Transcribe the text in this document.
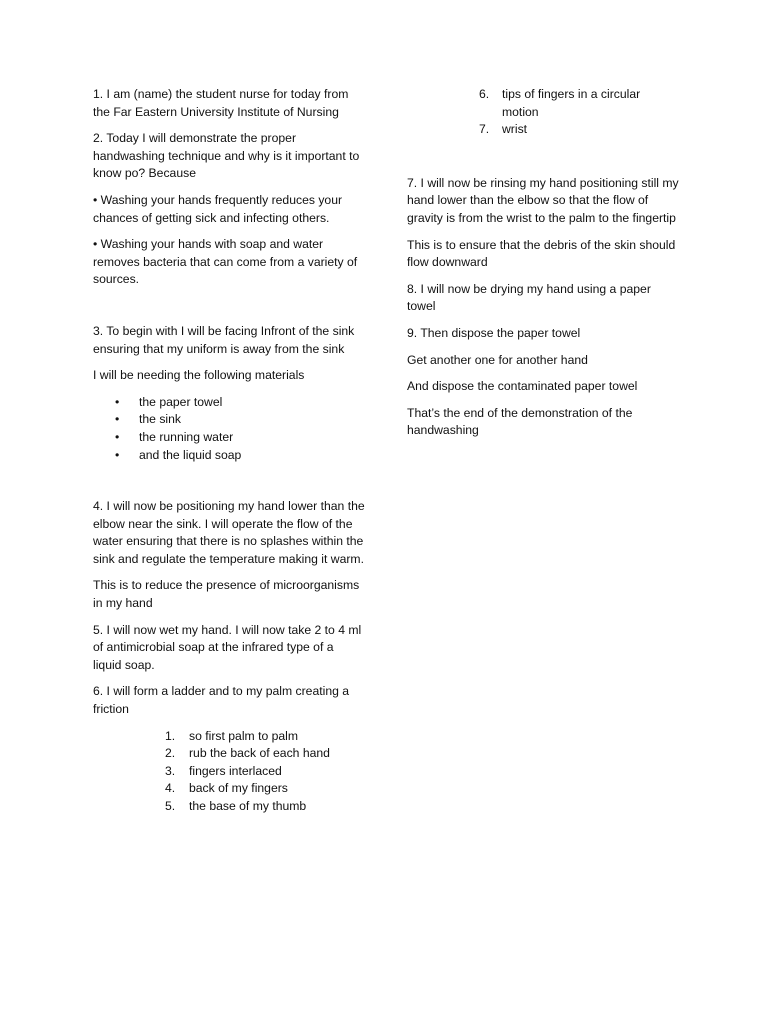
1. I am (name) the student nurse for today from the Far Eastern University Institute of Nursing

2. Today I will demonstrate the proper handwashing technique and why is it important to know po? Because

• Washing your hands frequently reduces your chances of getting sick and infecting others.

• Washing your hands with soap and water removes bacteria that can come from a variety of sources.

3. To begin with I will be facing Infront of the sink ensuring that my uniform is away from the sink

I will be needing the following materials

• the paper towel
• the sink
• the running water
• and the liquid soap

4. I will now be positioning my hand lower than the elbow near the sink. I will operate the flow of the water ensuring that there is no splashes within the sink and regulate the temperature making it warm.

This is to reduce the presence of microorganisms in my hand

5. I will now wet my hand. I will now take 2 to 4 ml of antimicrobial soap at the infrared type of a liquid soap.

6. I will form a ladder and to my palm creating a friction

1.	so first palm to palm
2.	rub the back of each hand
3.	fingers interlaced
4.	back of my fingers
5.	the base of my thumb
6.	tips of fingers in a circular motion
7.	wrist

7. I will now be rinsing my hand positioning still my hand lower than the elbow so that the flow of gravity is from the wrist to the palm to the fingertip

This is to ensure that the debris of the skin should flow downward

8. I will now be drying my hand using a paper towel

9. Then dispose the paper towel

Get another one for another hand

And dispose the contaminated paper towel

That’s the end of the demonstration of the handwashing
